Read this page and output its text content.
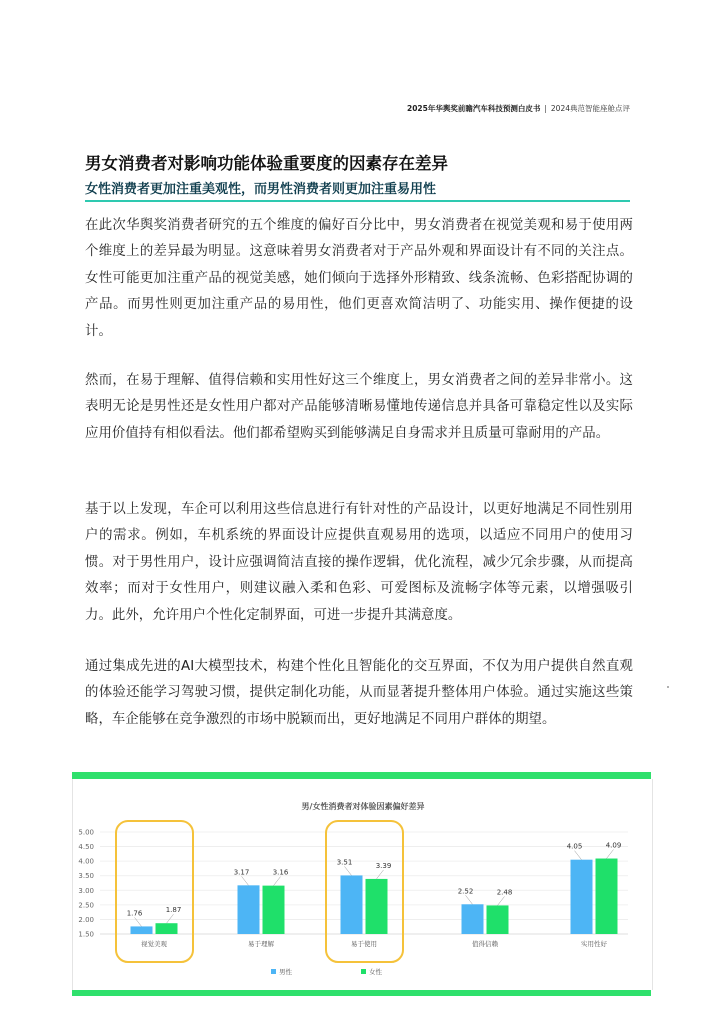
2025年华舆奖前瞻汽车科技预测白皮书 | 2024典范智能座舱点评
男女消费者对影响功能体验重要度的因素存在差异
女性消费者更加注重美观性，而男性消费者则更加注重易用性
在此次华舆奖消费者研究的五个维度的偏好百分比中，男女消费者在视觉美观和易于使用两个维度上的差异最为明显。这意味着男女消费者对于产品外观和界面设计有不同的关注点。女性可能更加注重产品的视觉美感，她们倾向于选择外形精致、线条流畅、色彩搭配协调的产品。而男性则更加注重产品的易用性，他们更喜欢简洁明了、功能实用、操作便捷的设计。
然而，在易于理解、值得信赖和实用性好这三个维度上，男女消费者之间的差异非常小。这表明无论是男性还是女性用户都对产品能够清晰易懂地传递信息并具备可靠稳定性以及实际应用价值持有相似看法。他们都希望购买到能够满足自身需求并且质量可靠耐用的产品。
基于以上发现，车企可以利用这些信息进行有针对性的产品设计，以更好地满足不同性别用户的需求。例如，车机系统的界面设计应提供直观易用的选项，以适应不同用户的使用习惯。对于男性用户，设计应强调简洁直接的操作逻辑，优化流程，减少冗余步骤，从而提高效率；而对于女性用户，则建议融入柔和色彩、可爱图标及流畅字体等元素，以增强吸引力。此外，允许用户个性化定制界面，可进一步提升其满意度。
通过集成先进的AI大模型技术，构建个性化且智能化的交互界面，不仅为用户提供自然直观的体验还能学习驾驶习惯，提供定制化功能，从而显著提升整体用户体验。通过实施这些策略，车企能够在竞争激烈的市场中脱颖而出，更好地满足不同用户群体的期望。
男/女性消费者对体验因素偏好差异
1.50
2.00
2.50
3.00
3.50
4.00
4.50
5.00
1.76	1.87
视觉美观
3.17	3.16
易于理解
3.51	3.39
易于使用
2.52	2.48
值得信赖
4.05	4.09
实用性好
男性	女性
